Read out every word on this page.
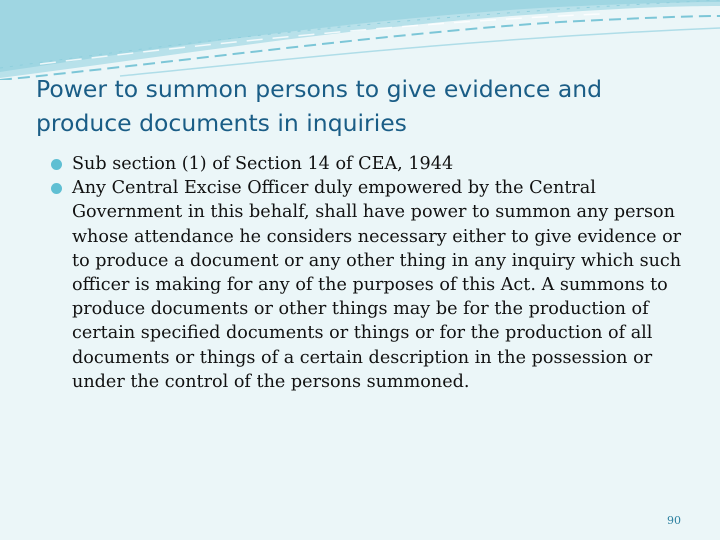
Power to summon persons to give evidence and produce documents in inquiries
Sub section (1) of Section 14 of CEA, 1944
Any Central Excise Officer duly empowered by the Central Government in this behalf, shall have power to summon any person whose attendance he considers necessary either to give evidence or to produce a document or any other thing in any inquiry which such officer is making for any of the purposes of this Act. A summons to produce documents or other things may be for the production of certain specified documents or things or for the production of all documents or things of a certain description in the possession or under the control of the persons summoned.
90
